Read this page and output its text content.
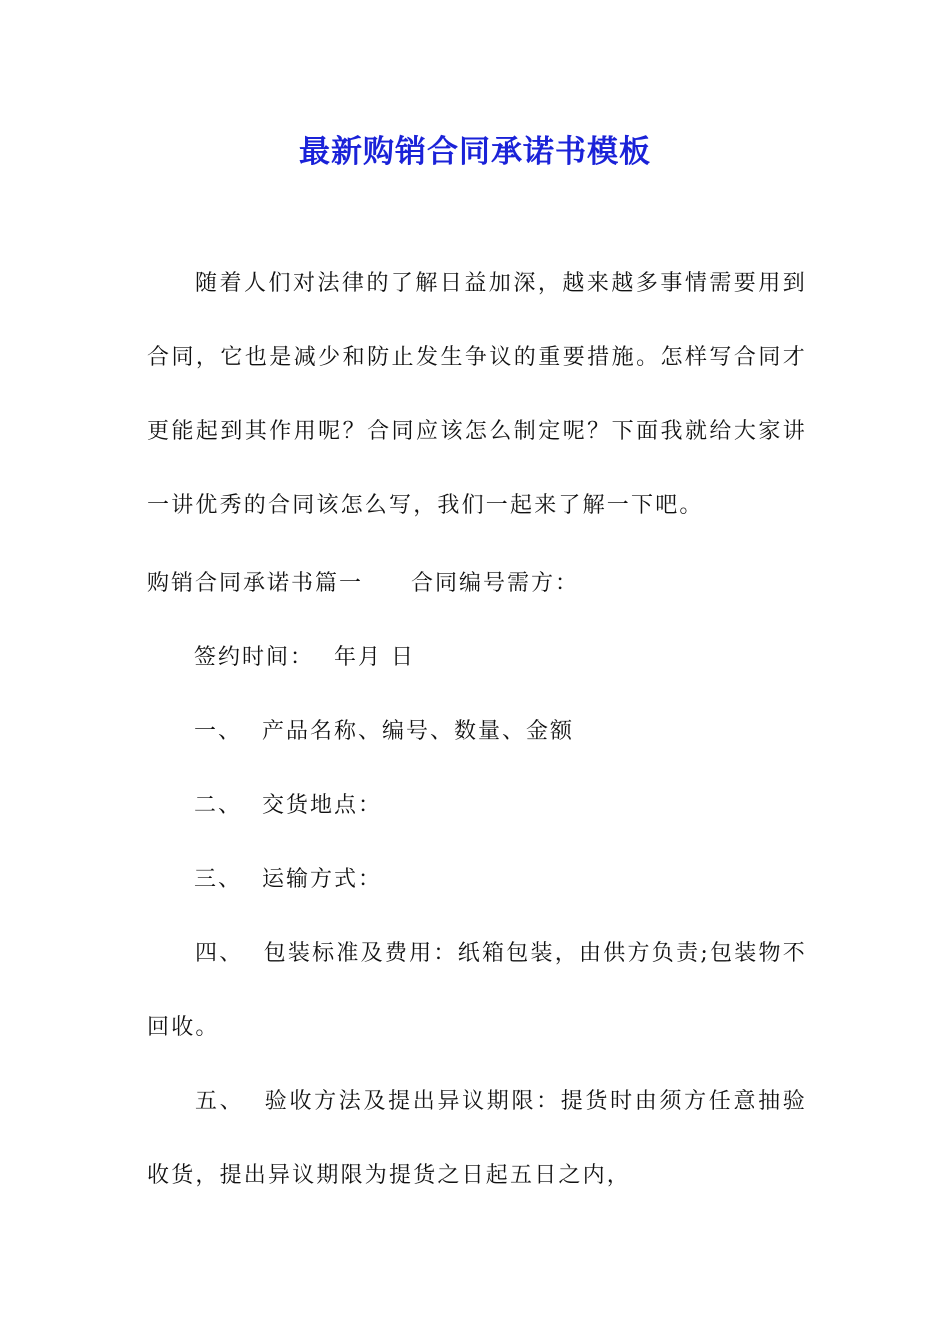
最新购销合同承诺书模板
随着人们对法律的了解日益加深，越来越多事情需要用到合同，它也是减少和防止发生争议的重要措施。怎样写合同才更能起到其作用呢？合同应该怎么制定呢？下面我就给大家讲一讲优秀的合同该怎么写，我们一起来了解一下吧。
购销合同承诺书篇一 合同编号需方：
签约时间： 年月 日
一、 产品名称、编号、数量、金额
二、 交货地点：
三、 运输方式：
四、 包装标准及费用：纸箱包装，由供方负责;包装物不回收。
五、 验收方法及提出异议期限：提货时由须方任意抽验收货，提出异议期限为提货之日起五日之内，
